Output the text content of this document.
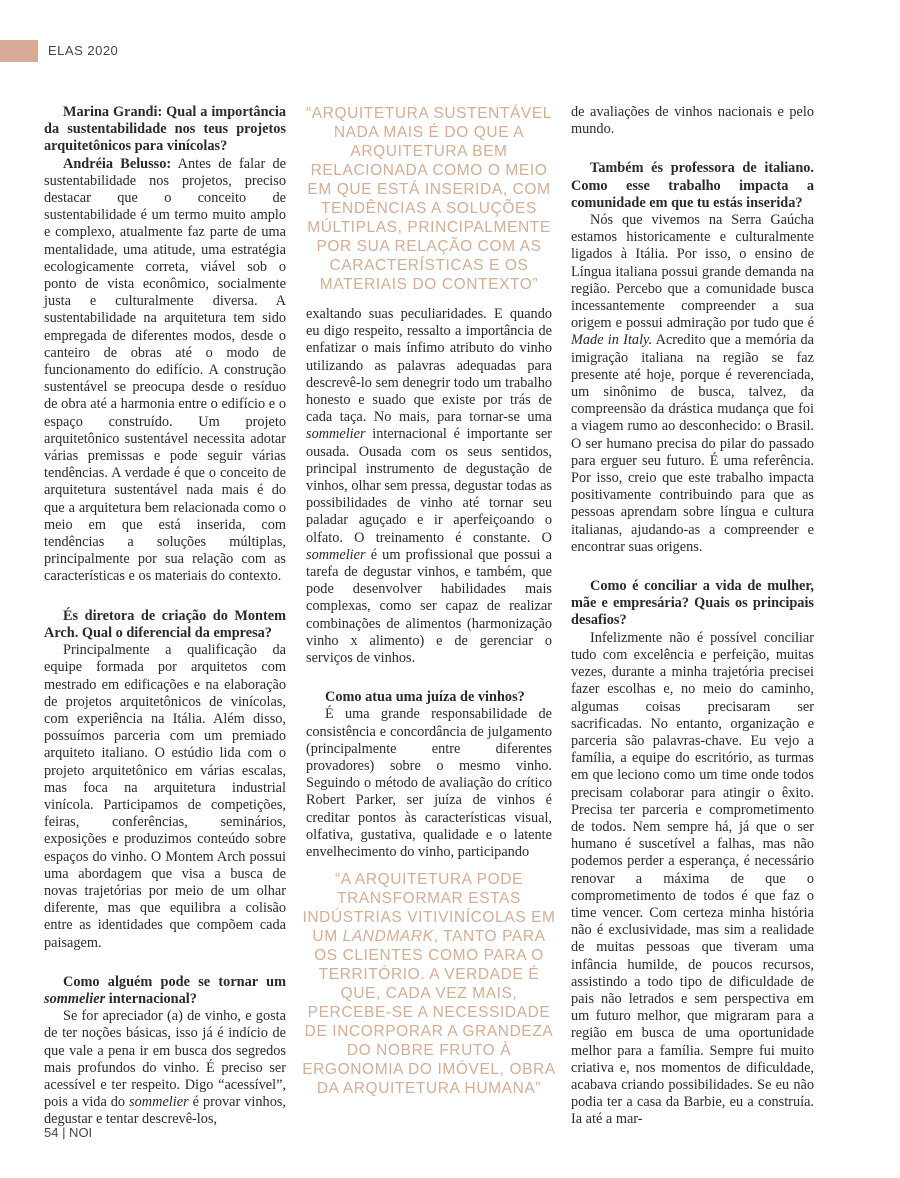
ELAS 2020

Marina Grandi: Qual a importância da sustentabilidade nos teus projetos arquitetônicos para vinícolas?

Andréia Belusso: Antes de falar de sustentabilidade nos projetos, preciso destacar que o conceito de sustentabilidade é um termo muito amplo e complexo, atualmente faz parte de uma mentalidade, uma atitude, uma estratégia ecologicamente correta, viável sob o ponto de vista econômico, socialmente justa e culturalmente diversa. A sustentabilidade na arquitetura tem sido empregada de diferentes modos, desde o canteiro de obras até o modo de funcionamento do edifício. A construção sustentável se preocupa desde o resíduo de obra até a harmonia entre o edifício e o espaço construído. Um projeto arquitetônico sustentável necessita adotar várias premissas e pode seguir várias tendências. A verdade é que o conceito de arquitetura sustentável nada mais é do que a arquitetura bem relacionada como o meio em que está inserida, com tendências a soluções múltiplas, principalmente por sua relação com as características e os materiais do contexto.

És diretora de criação do Montem Arch. Qual o diferencial da empresa?

Principalmente a qualificação da equipe formada por arquitetos com mestrado em edificações e na elaboração de projetos arquitetônicos de vinícolas, com experiência na Itália. Além disso, possuímos parceria com um premiado arquiteto italiano. O estúdio lida com o projeto arquitetônico em várias escalas, mas foca na arquitetura industrial vinícola. Participamos de competições, feiras, conferências, seminários, exposições e produzimos conteúdo sobre espaços do vinho. O Montem Arch possui uma abordagem que visa a busca de novas trajetórias por meio de um olhar diferente, mas que equilibra a colisão entre as identidades que compõem cada paisagem.

Como alguém pode se tornar um sommelier internacional?

Se for apreciador (a) de vinho, e gosta de ter noções básicas, isso já é indício de que vale a pena ir em busca dos segredos mais profundos do vinho. É preciso ser acessível e ter respeito. Digo “acessível”, pois a vida do sommelier é provar vinhos, degustar e tentar descrevê-los,

“ARQUITETURA SUSTENTÁVEL NADA MAIS É DO QUE A ARQUITETURA BEM RELACIONADA COMO O MEIO EM QUE ESTÁ INSERIDA, COM TENDÊNCIAS A SOLUÇÕES MÚLTIPLAS, PRINCIPALMENTE POR SUA RELAÇÃO COM AS CARACTERÍSTICAS E OS MATERIAIS DO CONTEXTO”

exaltando suas peculiaridades. E quando eu digo respeito, ressalto a importância de enfatizar o mais ínfimo atributo do vinho utilizando as palavras adequadas para descrevê-lo sem denegrir todo um trabalho honesto e suado que existe por trás de cada taça. No mais, para tornar-se uma sommelier internacional é importante ser ousada. Ousada com os seus sentidos, principal instrumento de degustação de vinhos, olhar sem pressa, degustar todas as possibilidades de vinho até tornar seu paladar aguçado e ir aperfeiçoando o olfato. O treinamento é constante. O sommelier é um profissional que possui a tarefa de degustar vinhos, e também, que pode desenvolver habilidades mais complexas, como ser capaz de realizar combinações de alimentos (harmonização vinho x alimento) e de gerenciar o serviços de vinhos.

Como atua uma juíza de vinhos?

É uma grande responsabilidade de consistência e concordância de julgamento (principalmente entre diferentes provadores) sobre o mesmo vinho. Seguindo o método de avaliação do crítico Robert Parker, ser juíza de vinhos é creditar pontos às características visual, olfativa, gustativa, qualidade e o latente envelhecimento do vinho, participando

“A ARQUITETURA PODE TRANSFORMAR ESTAS INDÚSTRIAS VITIVINÍCOLAS EM UM LANDMARK, TANTO PARA OS CLIENTES COMO PARA O TERRITÓRIO. A VERDADE É QUE, CADA VEZ MAIS, PERCEBE-SE A NECESSIDADE DE INCORPORAR A GRANDEZA DO NOBRE FRUTO À ERGONOMIA DO IMÓVEL, OBRA DA ARQUITETURA HUMANA”

de avaliações de vinhos nacionais e pelo mundo.

Também és professora de italiano. Como esse trabalho impacta a comunidade em que tu estás inserida?

Nós que vivemos na Serra Gaúcha estamos historicamente e culturalmente ligados à Itália. Por isso, o ensino de Língua italiana possui grande demanda na região. Percebo que a comunidade busca incessantemente compreender a sua origem e possui admiração por tudo que é Made in Italy. Acredito que a memória da imigração italiana na região se faz presente até hoje, porque é reverenciada, um sinônimo de busca, talvez, da compreensão da drástica mudança que foi a viagem rumo ao desconhecido: o Brasil. O ser humano precisa do pilar do passado para erguer seu futuro. É uma referência. Por isso, creio que este trabalho impacta positivamente contribuindo para que as pessoas aprendam sobre língua e cultura italianas, ajudando-as a compreender e encontrar suas origens.

Como é conciliar a vida de mulher, mãe e empresária? Quais os principais desafios?

Infelizmente não é possível conciliar tudo com excelência e perfeição, muitas vezes, durante a minha trajetória precisei fazer escolhas e, no meio do caminho, algumas coisas precisaram ser sacrificadas. No entanto, organização e parceria são palavras-chave. Eu vejo a família, a equipe do escritório, as turmas em que leciono como um time onde todos precisam colaborar para atingir o êxito. Precisa ter parceria e comprometimento de todos. Nem sempre há, já que o ser humano é suscetível a falhas, mas não podemos perder a esperança, é necessário renovar a máxima de que o comprometimento de todos é que faz o time vencer. Com certeza minha história não é exclusividade, mas sim a realidade de muitas pessoas que tiveram uma infância humilde, de poucos recursos, assistindo a todo tipo de dificuldade de pais não letrados e sem perspectiva em um futuro melhor, que migraram para a região em busca de uma oportunidade melhor para a família. Sempre fui muito criativa e, nos momentos de dificuldade, acabava criando possibilidades. Se eu não podia ter a casa da Barbie, eu a construía. Ia até a mar-

54 | NOI
